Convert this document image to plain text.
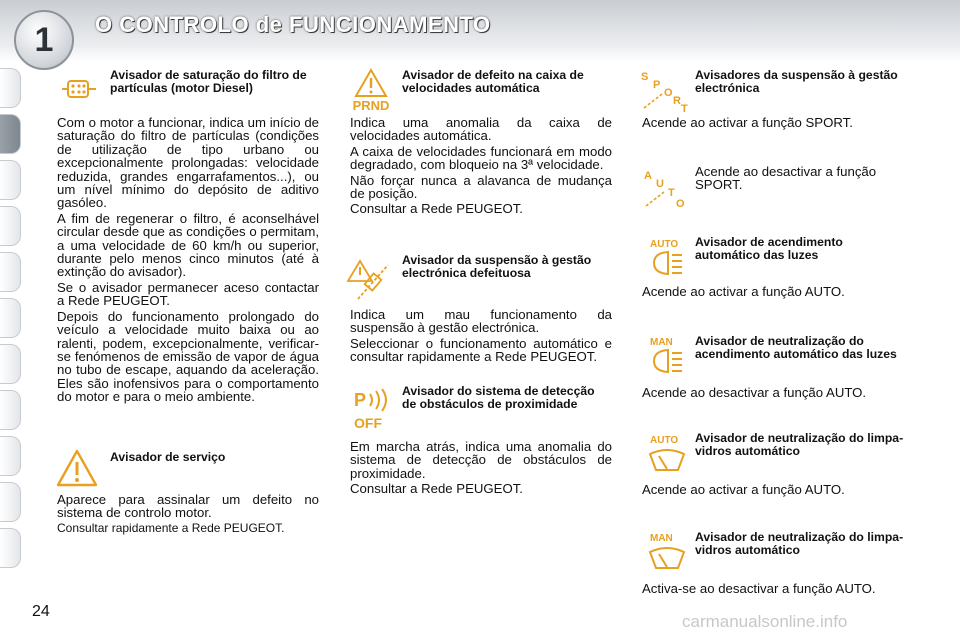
1	O CONTROLO de FUNCIONAMENTO
Avisador de saturação do filtro de partículas (motor Diesel)

Com o motor a funcionar, indica um início de saturação do filtro de partículas (condições de utilização de tipo urbano ou excepcionalmente prolongadas: velocidade reduzida, grandes engarrafamentos...), ou um nível mínimo do depósito de aditivo gasóleo.

A fim de regenerar o filtro, é aconselhável circular desde que as condições o permitam, a uma velocidade de 60 km/h ou superior, durante pelo menos cinco minutos (até à extinção do avisador).

Se o avisador permanecer aceso contactar a Rede PEUGEOT.

Depois do funcionamento prolongado do veículo a velocidade muito baixa ou ao ralenti, podem, excepcionalmente, verificar-se fenómenos de emissão de vapor de água no tubo de escape, aquando da aceleração. Eles são inofensivos para o comportamento do motor e para o meio ambiente.

Avisador de serviço

Aparece para assinalar um defeito no sistema de controlo motor.

Consultar rapidamente a Rede PEUGEOT.

PRND
Avisador de defeito na caixa de velocidades automática

Indica uma anomalia da caixa de velocidades automática.

A caixa de velocidades funcionará em modo degradado, com bloqueio na 3ª velocidade.

Não forçar nunca a alavanca de mudança de posição.

Consultar a Rede PEUGEOT.

Avisador da suspensão à gestão electrónica defeituosa

Indica um mau funcionamento da suspensão à gestão electrónica.

Seleccionar o funcionamento automático e consultar rapidamente a Rede PEUGEOT.

P
OFF
Avisador do sistema de detecção de obstáculos de proximidade

Em marcha atrás, indica uma anomalia do sistema de detecção de obstáculos de proximidade.

Consultar a Rede PEUGEOT.

S
P
O
R
T
Avisadores da suspensão à gestão electrónica
Acende ao activar a função SPORT.
A
U
T
O
Acende ao desactivar a função SPORT.
AUTO Avisador de acendimento automático das luzes
Acende ao activar a função AUTO.
MAN Avisador de neutralização do acendimento automático das luzes
Acende ao desactivar a função AUTO.
AUTO Avisador de neutralização do limpa-vidros automático
Acende ao activar a função AUTO.
MAN Avisador de neutralização do limpa-vidros automático
Activa-se ao desactivar a função AUTO.
24
carmanualsonline.info
